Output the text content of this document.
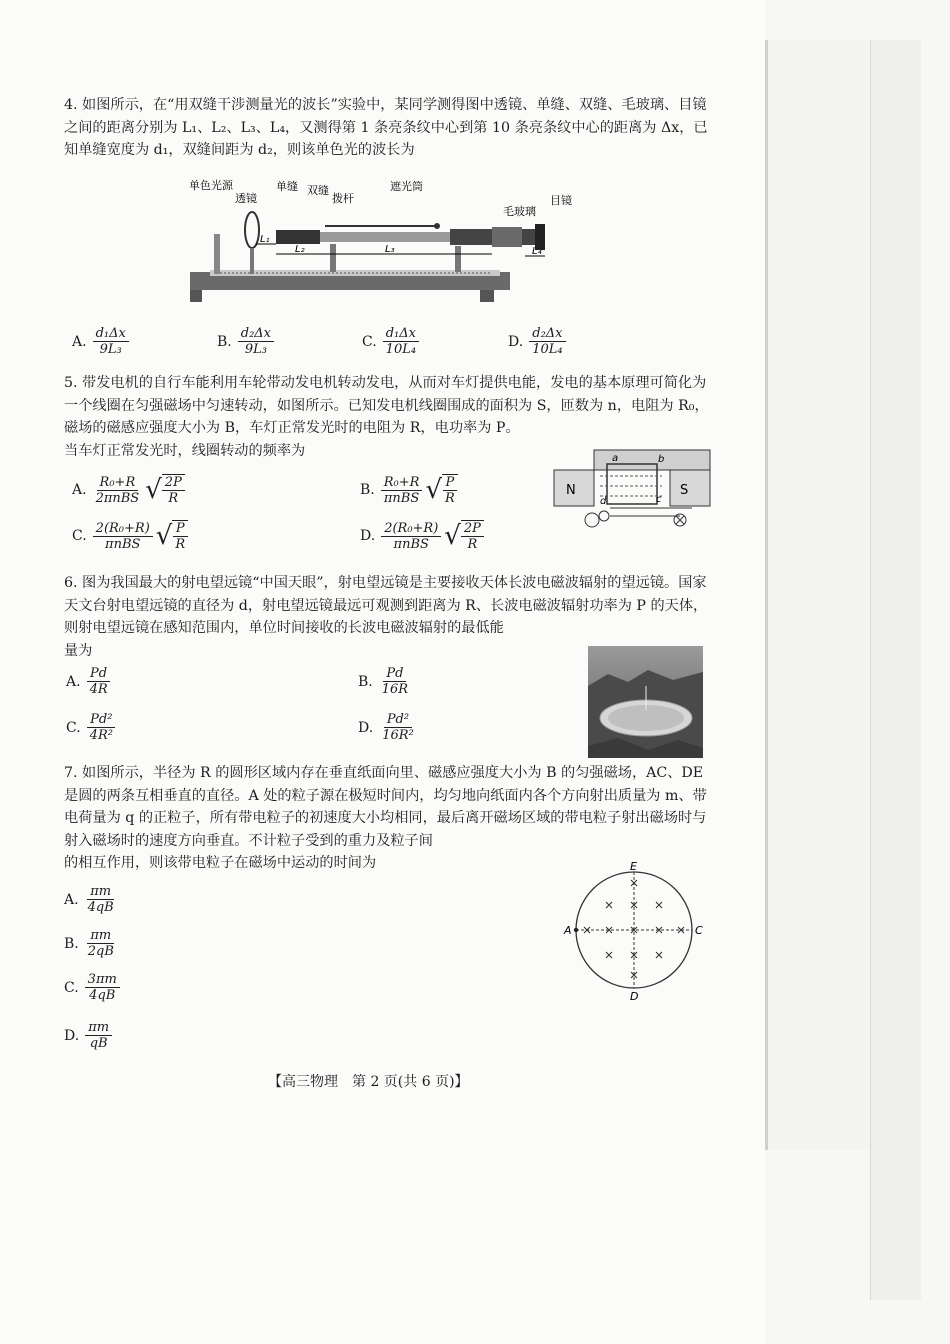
4. 如图所示，在“用双缝干涉测量光的波长”实验中，某同学测得图中透镜、单缝、双缝、毛玻璃、目镜之间的距离分别为 L₁、L₂、L₃、L₄，又测得第 1 条亮条纹中心到第 10 条亮条纹中心的距离为 Δx，已知单缝宽度为 d₁，双缝间距为 d₂，则该单色光的波长为

单色光源
透镜
单缝 双缝
拨杆
遮光筒
毛玻璃
目镜
L₁
L₂	L₃	L₄
A. $\frac{\text{d₁Δx}}{\text{9L₃}}$	B. $\frac{\text{d₂Δx}}{\text{9L₃}}$	C. $\frac{\text{d₁Δx}}{\text{10L₄}}$	D. $\frac{\text{d₂Δx}}{\text{10L₄}}$

5. 带发电机的自行车能利用车轮带动发电机转动发电，从而对车灯提供电能，发电的基本原理可简化为一个线圈在匀强磁场中匀速转动，如图所示。已知发电机线圈围成的面积为 S，匝数为 n，电阻为 R₀，磁场的磁感应强度大小为 B，车灯正常发光时的电阻为 R，电功率为 P。

当车灯正常发光时，线圈转动的频率为

N	S
a	b
c
d
A. $\frac{\text{R₀+R}}{\text{2πnBS}}$ √ $\frac{2P}{R}$	B. $\frac{\text{R₀+R}}{\text{πnBS}}$ √ $\frac{P}{R}$
C. $\frac{\text{2(R₀+R)}}{\text{πnBS}}$ √ $\frac{P}{R}$	D. $\frac{\text{2(R₀+R)}}{\text{πnBS}}$ √ $\frac{2P}{R}$

6. 图为我国最大的射电望远镜“中国天眼”，射电望远镜是主要接收天体长波电磁波辐射的望远镜。国家天文台射电望远镜的直径为 d，射电望远镜最远可观测到距离为 R、长波电磁波辐射功率为 P 的天体，则射电望远镜在感知范围内，单位时间接收的长波电磁波辐射的最低能

量为

A. $\frac{Pd}{4R}$	B. $\frac{Pd}{16R}$
C. $\frac{\text{Pd²}}{\text{4R²}}$	D. $\frac{\text{Pd²}}{\text{16R²}}$

7. 如图所示，半径为 R 的圆形区域内存在垂直纸面向里、磁感应强度大小为 B 的匀强磁场，AC、DE 是圆的两条互相垂直的直径。A 处的粒子源在极短时间内，均匀地向纸面内各个方向射出质量为 m、带电荷量为 q 的正粒子，所有带电粒子的初速度大小均相同，最后离开磁场区域的带电粒子射出磁场时与射入磁场时的速度方向垂直。不计粒子受到的重力及粒子间

的相互作用，则该带电粒子在磁场中运动的时间为

A	C
D
E
A. $\frac{\pi m}{4qB}$
B. $\frac{\pi m}{2qB}$
C. $\frac{3\pi m}{4qB}$
D. $\frac{\pi m}{qB}$
【高三物理　第 2 页(共 6 页)】
